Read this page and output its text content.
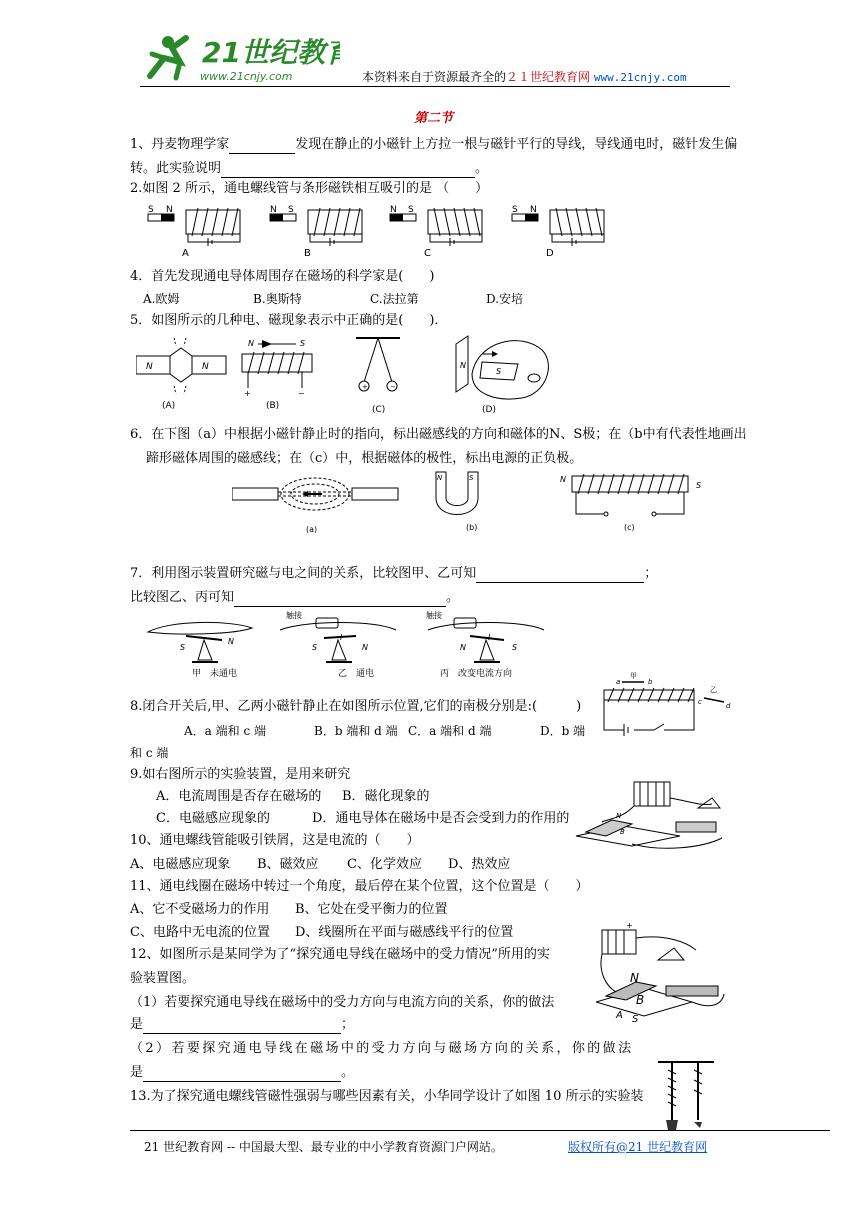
21世纪教育
www.21cnjy.com	本资料来自于资源最齐全的２１世纪教育网 www.21cnjy.com
第二节
1、丹麦物理学家	发现在静止的小磁针上方拉一根与磁针平行的导线，导线通电时，磁针发生偏
转。此实验说明	。
2.如图 2 所示，通电螺线管与条形磁铁相互吸引的是 （　　）
S N
A
N S
B
N S
C
S N
D
4．首先发现通电导体周围存在磁场的科学家是(　　)
A.欧姆	B.奥斯特	C.法拉第	D.安培
5．如图所示的几种电、磁现象表示中正确的是(　　)．
N	N
(A)
N	S
+	−
(B)
+	−
(C)
N
S
(D)
6．在下图（a）中根据小磁针静止时的指向，标出磁感线的方向和磁体的N、S极；在（b中有代表性地画出
蹄形磁体周围的磁感线；在（c）中，根据磁体的极性，标出电源的正负极。
(a)
N	S
(b)
N
S
(c)
7．利用图示装置研究磁与电之间的关系，比较图甲、乙可知	；
比较图乙、丙可知	。
S
N
甲　未通电
S	N
I
触接
乙　通电
N	S
I
触接
丙　改变电流方向
8.闭合开关后,甲、乙两小磁针静止在如图所示位置,它们的南极分别是:(　　　)
A．a 端和 c 端	B．b 端和 d 端 C．a 端和 d 端	D．b 端
和 c 端
a	b
甲
c	d
乙
9.如右图所示的实验装置，是用来研究
A．电流周围是否存在磁场的 B．磁化现象的
C．电磁感应现象的	D．通电导体在磁场中是否会受到力的作用的	N
B
10、通电螺线管能吸引铁屑，这是电流的（　　）
A、电磁感应现象 B、磁效应 C、化学效应 D、热效应
11、通电线圈在磁场中转过一个角度，最后停在某个位置，这个位置是（　　）
A、它不受磁场力的作用 B、它处在受平衡力的位置
C、电路中无电流的位置 D、线圈所在平面与磁感线平行的位置
12、如图所示是某同学为了“探究通电导线在磁场中的受力情况”所用的实
验装置图。
（1）若要探究通电导线在磁场中的受力方向与电流方向的关系，你的做法
是	；
（2）若要探究通电导线在磁场中的受力方向与磁场方向的关系，你的做法
是	。
+
N
B
A S
13.为了探究通电螺线管磁性强弱与哪些因素有关，小华同学设计了如图 10 所示的实验装
21 世纪教育网 -- 中国最大型、最专业的中小学教育资源门户网站。	版权所有@21 世纪教育网
